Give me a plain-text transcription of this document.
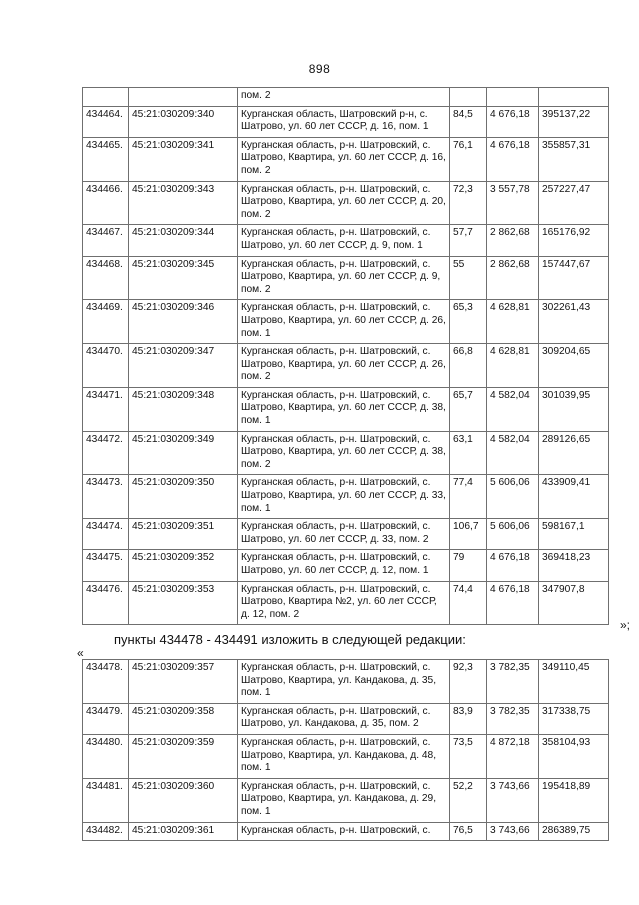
898
		пом. 2			
434464.	45:21:030209:340	Курганская область, Шатровский р-н, с. Шатрово, ул. 60 лет СССР, д. 16, пом. 1	84,5	4 676,18	395137,22
434465.	45:21:030209:341	Курганская область, р-н. Шатровский, с. Шатрово, Квартира, ул. 60 лет СССР, д. 16, пом. 2	76,1	4 676,18	355857,31
434466.	45:21:030209:343	Курганская область, р-н. Шатровский, с. Шатрово, Квартира, ул. 60 лет СССР, д. 20, пом. 2	72,3	3 557,78	257227,47
434467.	45:21:030209:344	Курганская область, р-н. Шатровский, с. Шатрово, ул. 60 лет СССР, д. 9, пом. 1	57,7	2 862,68	165176,92
434468.	45:21:030209:345	Курганская область, р-н. Шатровский, с. Шатрово, Квартира, ул. 60 лет СССР, д. 9, пом. 2	55	2 862,68	157447,67
434469.	45:21:030209:346	Курганская область, р-н. Шатровский, с. Шатрово, Квартира, ул. 60 лет СССР, д. 26, пом. 1	65,3	4 628,81	302261,43
434470.	45:21:030209:347	Курганская область, р-н. Шатровский, с. Шатрово, Квартира, ул. 60 лет СССР, д. 26, пом. 2	66,8	4 628,81	309204,65
434471.	45:21:030209:348	Курганская область, р-н. Шатровский, с. Шатрово, Квартира, ул. 60 лет СССР, д. 38, пом. 1	65,7	4 582,04	301039,95
434472.	45:21:030209:349	Курганская область, р-н. Шатровский, с. Шатрово, Квартира, ул. 60 лет СССР, д. 38, пом. 2	63,1	4 582,04	289126,65
434473.	45:21:030209:350	Курганская область, р-н. Шатровский, с. Шатрово, Квартира, ул. 60 лет СССР, д. 33, пом. 1	77,4	5 606,06	433909,41
434474.	45:21:030209:351	Курганская область, р-н. Шатровский, с. Шатрово, ул. 60 лет СССР, д. 33, пом. 2	106,7	5 606,06	598167,1
434475.	45:21:030209:352	Курганская область, р-н. Шатровский, с. Шатрово, ул. 60 лет СССР, д. 12, пом. 1	79	4 676,18	369418,23
434476.	45:21:030209:353	Курганская область, р-н. Шатровский, с. Шатрово, Квартира №2, ул. 60 лет СССР, д. 12, пом. 2	74,4	4 676,18	347907,8
»;
пункты 434478 - 434491 изложить в следующей редакции:
«
434478.	45:21:030209:357	Курганская область, р-н. Шатровский, с. Шатрово, Квартира, ул. Кандакова, д. 35, пом. 1	92,3	3 782,35	349110,45
434479.	45:21:030209:358	Курганская область, р-н. Шатровский, с. Шатрово, ул. Кандакова, д. 35, пом. 2	83,9	3 782,35	317338,75
434480.	45:21:030209:359	Курганская область, р-н. Шатровский, с. Шатрово, Квартира, ул. Кандакова, д. 48, пом. 1	73,5	4 872,18	358104,93
434481.	45:21:030209:360	Курганская область, р-н. Шатровский, с. Шатрово, Квартира, ул. Кандакова, д. 29, пом. 1	52,2	3 743,66	195418,89
434482.	45:21:030209:361	Курганская область, р-н. Шатровский, с.	76,5	3 743,66	286389,75
